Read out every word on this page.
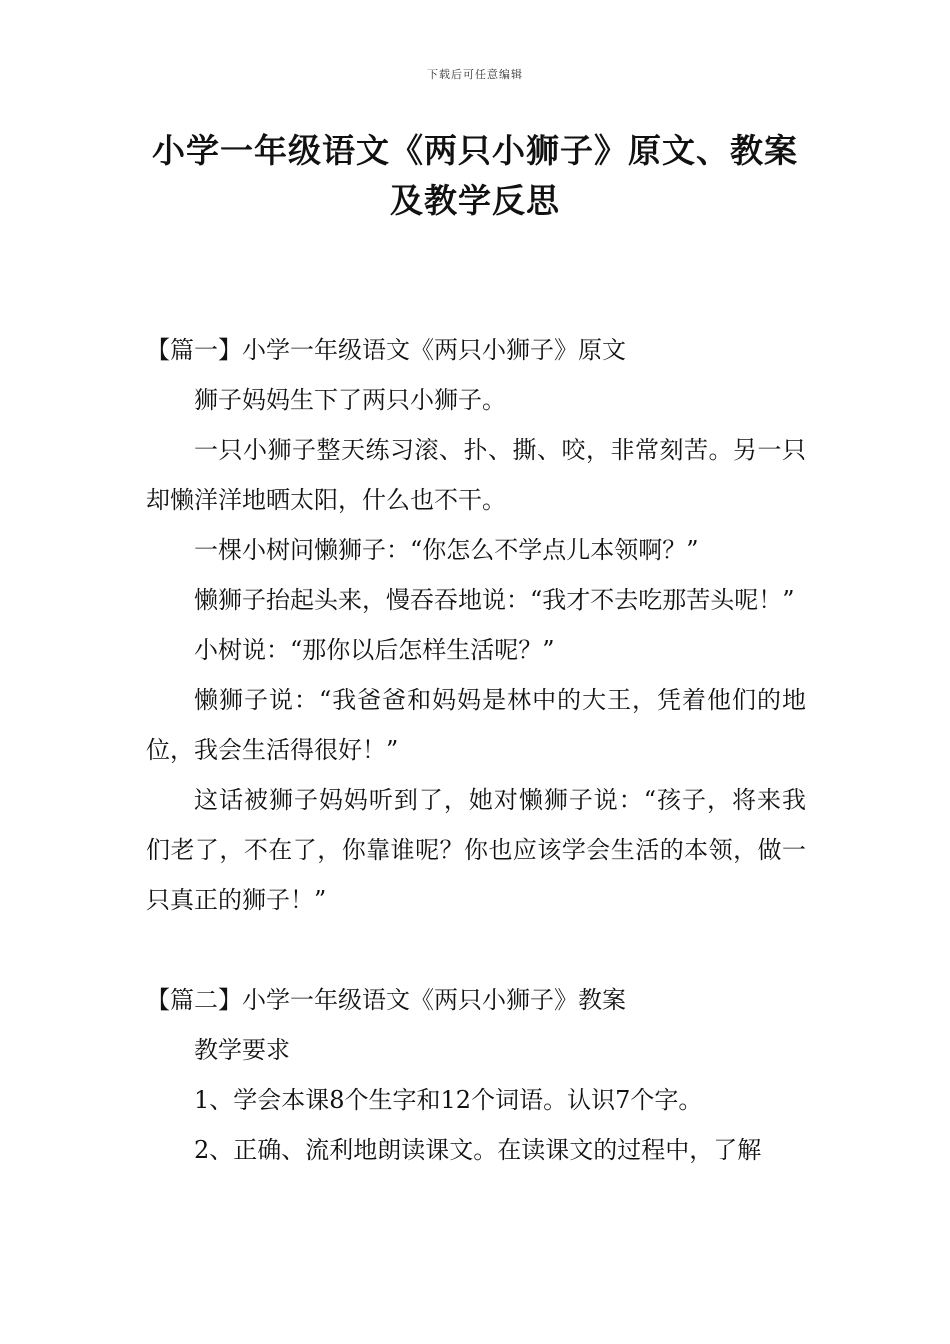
下载后可任意编辑
小学一年级语文《两只小狮子》原文、教案及教学反思

【篇一】小学一年级语文《两只小狮子》原文

狮子妈妈生下了两只小狮子。

一只小狮子整天练习滚、扑、撕、咬，非常刻苦。另一只却懒洋洋地晒太阳，什么也不干。

一棵小树问懒狮子：“你怎么不学点儿本领啊？”

懒狮子抬起头来，慢吞吞地说：“我才不去吃那苦头呢！”

小树说：“那你以后怎样生活呢？”

懒狮子说：“我爸爸和妈妈是林中的大王，凭着他们的地位，我会生活得很好！”

这话被狮子妈妈听到了，她对懒狮子说：“孩子，将来我们老了，不在了，你靠谁呢？你也应该学会生活的本领，做一只真正的狮子！”

【篇二】小学一年级语文《两只小狮子》教案

教学要求

1、学会本课8个生字和12个词语。认识7个字。

2、正确、流利地朗读课文。在读课文的过程中，了解
